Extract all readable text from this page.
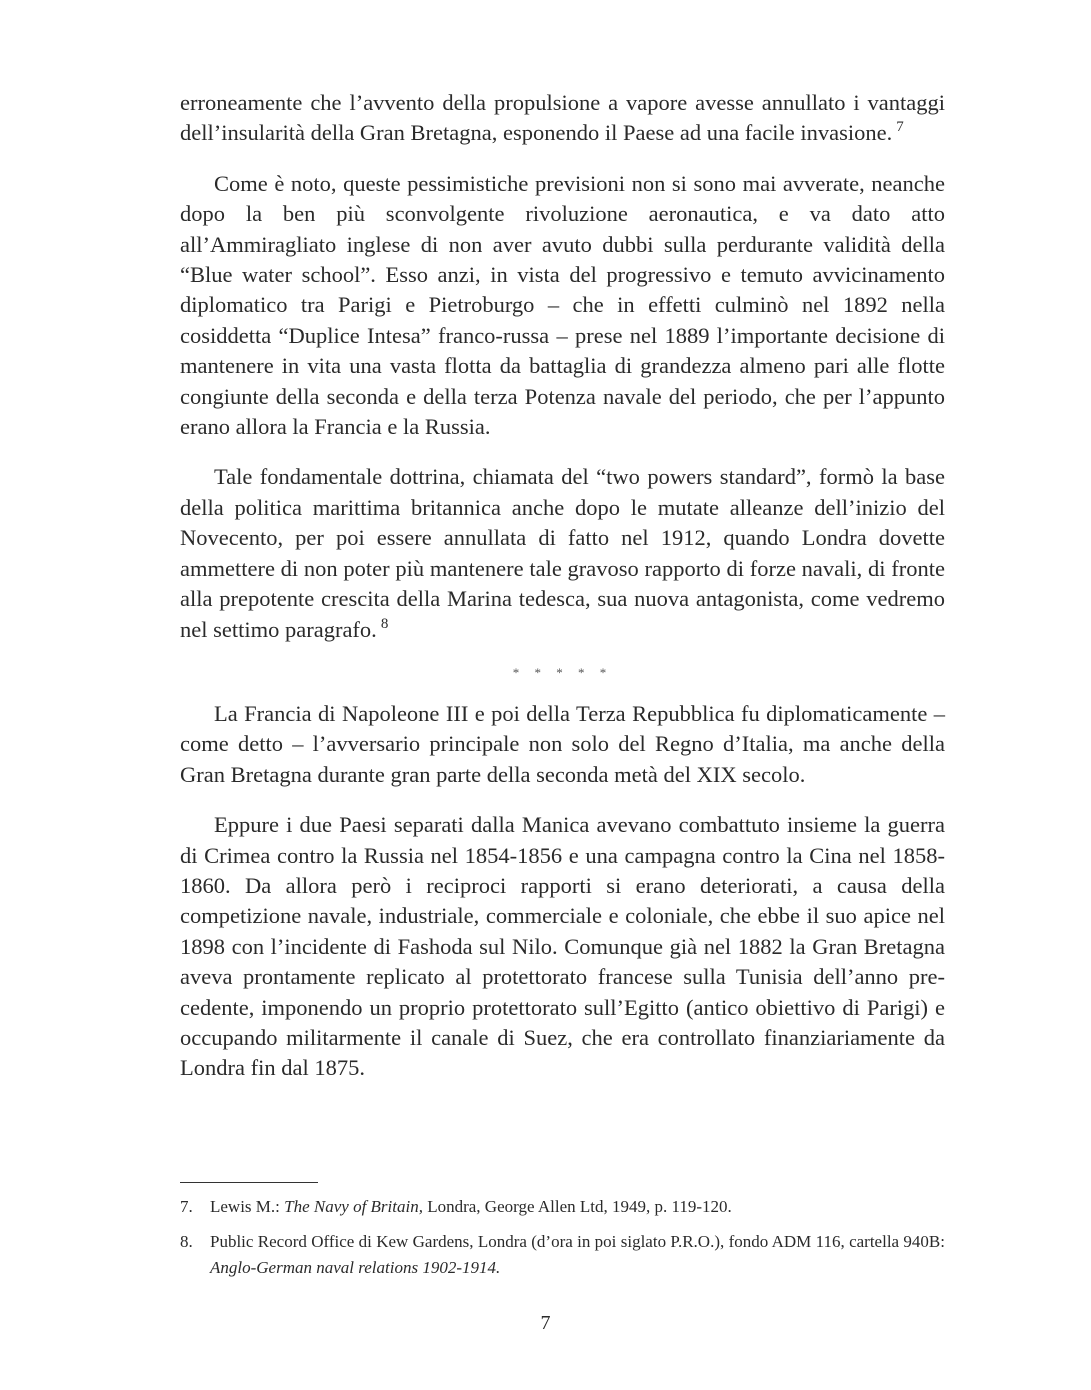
erroneamente che l’avvento della propulsione a vapore avesse annullato i vantaggi dell’insularità della Gran Bretagna, esponendo il Paese ad una facile invasione. $^7$

Come è noto, queste pessimistiche previsioni non si sono mai avverate, neanche dopo la ben più sconvolgente rivoluzione aeronautica, e va dato atto all’Ammiragliato inglese di non aver avuto dubbi sulla perdurante validità della “Blue water school”. Esso anzi, in vista del progressivo e temuto avvicinamento diplomatico tra Parigi e Pietroburgo – che in effetti culminò nel 1892 nella cosiddetta “Duplice Intesa” franco-russa – prese nel 1889 l’importante decisione di mantenere in vita una vasta flotta da battaglia di grandezza almeno pari alle flotte congiunte della seconda e della terza Potenza navale del periodo, che per l’appunto erano allora la Francia e la Russia.

Tale fondamentale dottrina, chiamata del “two powers standard”, formò la base della politica marittima britannica anche dopo le mutate alleanze dell’inizio del Novecento, per poi essere annullata di fatto nel 1912, quando Londra dovette ammettere di non poter più mantenere tale gravoso rapporto di forze navali, di fronte alla prepotente crescita della Marina tedesca, sua nuova antagonista, come vedremo nel settimo paragrafo. $^8$

* * * * *

La Francia di Napoleone III e poi della Terza Repubblica fu diplomaticamente – come detto – l’avversario principale non solo del Regno d’Italia, ma anche della Gran Bretagna durante gran parte della seconda metà del XIX secolo.

Eppure i due Paesi separati dalla Manica avevano combattuto insieme la guerra di Crimea contro la Russia nel 1854-1856 e una campagna contro la Cina nel 1858-1860. Da allora però i reciproci rapporti si erano deteriorati, a causa della competizione navale, industriale, commerciale e coloniale, che ebbe il suo apice nel 1898 con l’incidente di Fashoda sul Nilo. Comunque già nel 1882 la Gran Bretagna aveva prontamente replicato al protettorato francese sulla Tunisia dell’anno precedente, imponendo un proprio protettorato sull’Egitto (antico obiettivo di Parigi) e occupando militarmente il canale di Suez, che era controllato finanziariamente da Londra fin dal 1875.

7. Lewis M.: The Navy of Britain, Londra, George Allen Ltd, 1949, p. 119-120.

8. Public Record Office di Kew Gardens, Londra (d’ora in poi siglato P.R.O.), fondo ADM 116, cartella 940B: Anglo-German naval relations 1902-1914.

7
